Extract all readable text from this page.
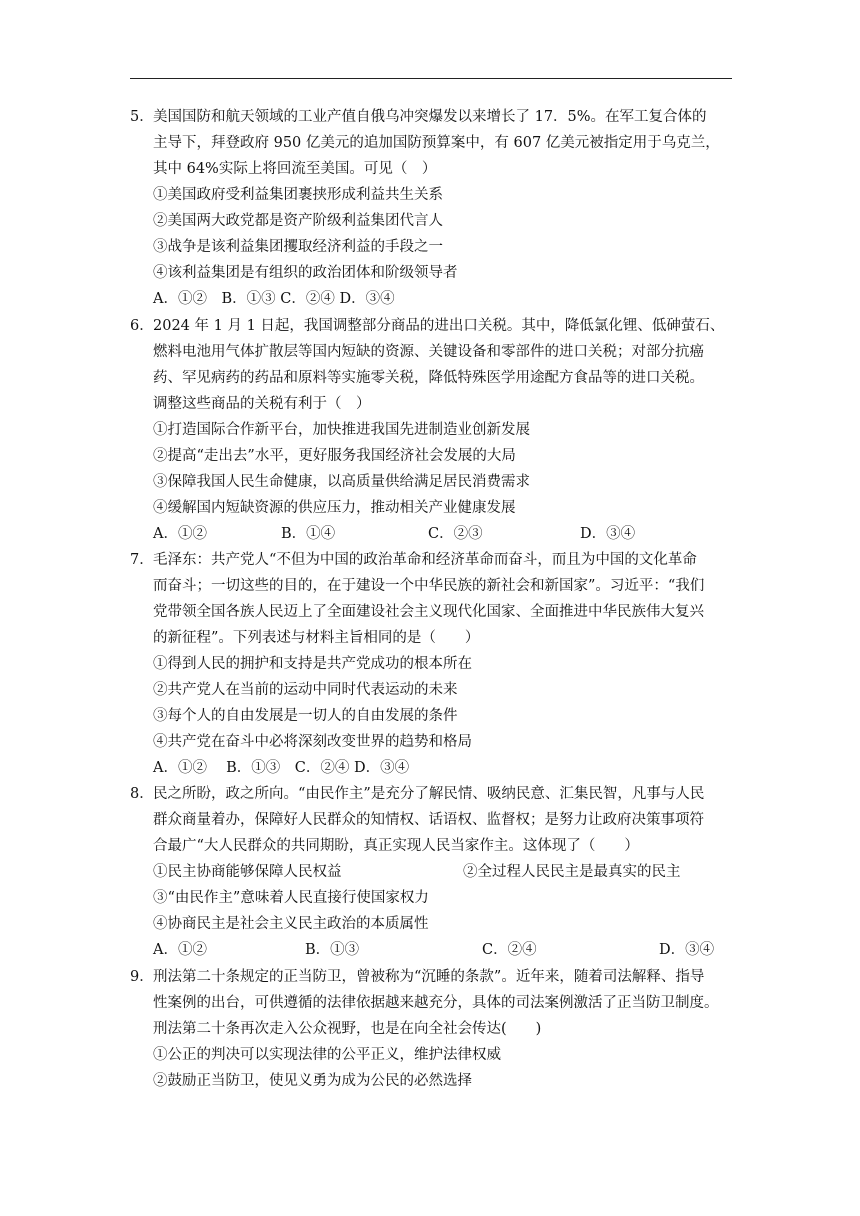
5． 美国国防和航天领域的工业产值自俄乌冲突爆发以来增长了 17．5%。在军工复合体的
主导下，拜登政府 950 亿美元的追加国防预算案中，有 607 亿美元被指定用于乌克兰，
其中 64%实际上将回流至美国。可见（　）
①美国政府受利益集团裹挟形成利益共生关系
②美国两大政党都是资产阶级利益集团代言人
③战争是该利益集团攫取经济利益的手段之一
④该利益集团是有组织的政治团体和阶级领导者
A．①②　B．①③ C．②④ D．③④
6． 2024 年 1 月 1 日起，我国调整部分商品的进出口关税。其中，降低氯化锂、低砷萤石、
燃料电池用气体扩散层等国内短缺的资源、关键设备和零部件的进口关税；对部分抗癌
药、罕见病药的药品和原料等实施零关税，降低特殊医学用途配方食品等的进口关税。
调整这些商品的关税有利于（　）
①打造国际合作新平台，加快推进我国先进制造业创新发展
②提高“走出去”水平，更好服务我国经济社会发展的大局
③保障我国人民生命健康，以高质量供给满足居民消费需求
④缓解国内短缺资源的供应压力，推动相关产业健康发展
A．①②	B．①④	C．②③	D．③④
7． 毛泽东：共产党人“不但为中国的政治革命和经济革命而奋斗，而且为中国的文化革命
而奋斗；一切这些的目的，在于建设一个中华民族的新社会和新国家”。习近平：“我们
党带领全国各族人民迈上了全面建设社会主义现代化国家、全面推进中华民族伟大复兴
的新征程”。下列表述与材料主旨相同的是（　　）
①得到人民的拥护和支持是共产党成功的根本所在
②共产党人在当前的运动中同时代表运动的未来
③每个人的自由发展是一切人的自由发展的条件
④共产党在奋斗中必将深刻改变世界的趋势和格局
A．①②　 B．①③　C．②④ D．③④
8． 民之所盼，政之所向。“由民作主”是充分了解民情、吸纳民意、汇集民智，凡事与人民
群众商量着办，保障好人民群众的知情权、话语权、监督权；是努力让政府决策事项符
合最广“大人民群众的共同期盼，真正实现人民当家作主。这体现了（　　）
①民主协商能够保障人民权益	②全过程人民民主是最真实的民主
③“由民作主”意味着人民直接行使国家权力
④协商民主是社会主义民主政治的本质属性
A．①②	B．①③	C．②④	D．③④
9． 刑法第二十条规定的正当防卫，曾被称为“沉睡的条款”。近年来，随着司法解释、指导
性案例的出台，可供遵循的法律依据越来越充分，具体的司法案例激活了正当防卫制度。
刑法第二十条再次走入公众视野，也是在向全社会传达(　　)
①公正的判决可以实现法律的公平正义，维护法律权威
②鼓励正当防卫，使见义勇为成为公民的必然选择
